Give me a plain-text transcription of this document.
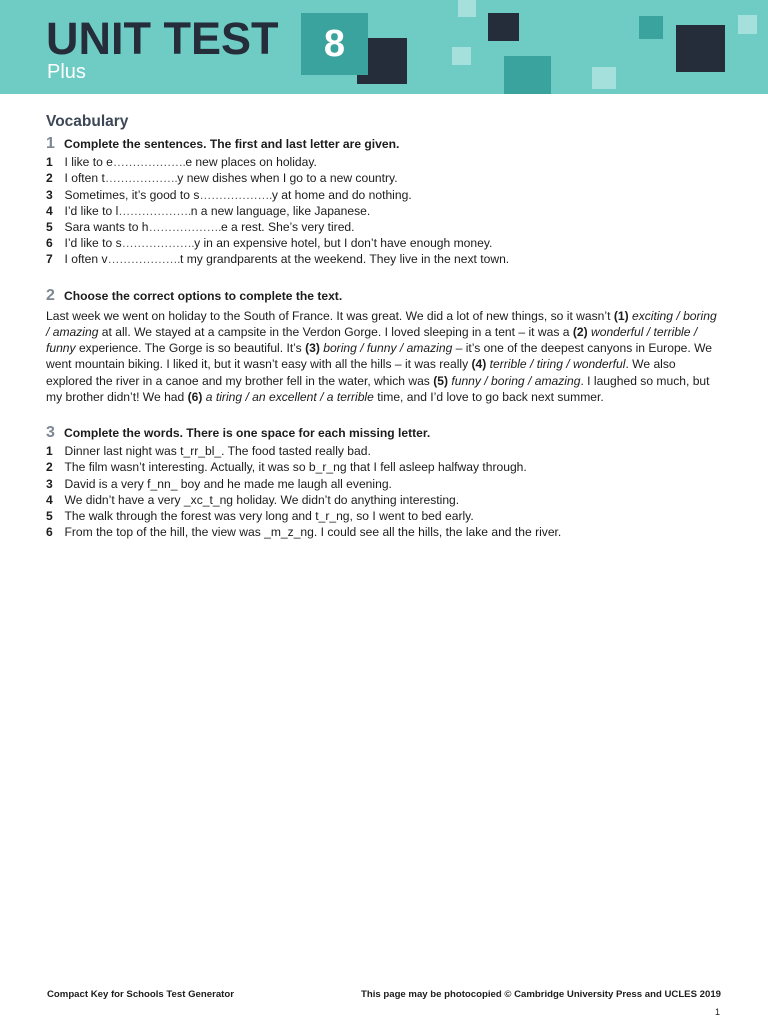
UNIT TEST
Plus
8
Vocabulary
1 Complete the sentences. The first and last letter are given.
1 I like to e……………….e new places on holiday.
2 I often t……………….y new dishes when I go to a new country.
3 Sometimes, it’s good to s……………….y at home and do nothing.
4 I’d like to l……………….n a new language, like Japanese.
5 Sara wants to h……………….e a rest. She’s very tired.
6 I’d like to s……………….y in an expensive hotel, but I don’t have enough money.
7 I often v……………….t my grandparents at the weekend. They live in the next town.
2 Choose the correct options to complete the text.

Last week we went on holiday to the South of France. It was great. We did a lot of new things, so it wasn’t (1) exciting / boring / amazing at all. We stayed at a campsite in the Verdon Gorge. I loved sleeping in a tent – it was a (2) wonderful / terrible / funny experience. The Gorge is so beautiful. It’s (3) boring / funny / amazing – it’s one of the deepest canyons in Europe. We went mountain biking. I liked it, but it wasn’t easy with all the hills – it was really (4) terrible / tiring / wonderful. We also explored the river in a canoe and my brother fell in the water, which was (5) funny / boring / amazing. I laughed so much, but my brother didn’t! We had (6) a tiring / an excellent / a terrible time, and I’d love to go back next summer.

3 Complete the words. There is one space for each missing letter.
1 Dinner last night was t_rr_bl_. The food tasted really bad.
2 The film wasn’t interesting. Actually, it was so b_r_ng that I fell asleep halfway through.
3 David is a very f_nn_ boy and he made me laugh all evening.
4 We didn’t have a very _xc_t_ng holiday. We didn’t do anything interesting.
5 The walk through the forest was very long and t_r_ng, so I went to bed early.
6 From the top of the hill, the view was _m_z_ng. I could see all the hills, the lake and the river.
Compact Key for Schools Test Generator	This page may be photocopied © Cambridge University Press and UCLES 2019
1
